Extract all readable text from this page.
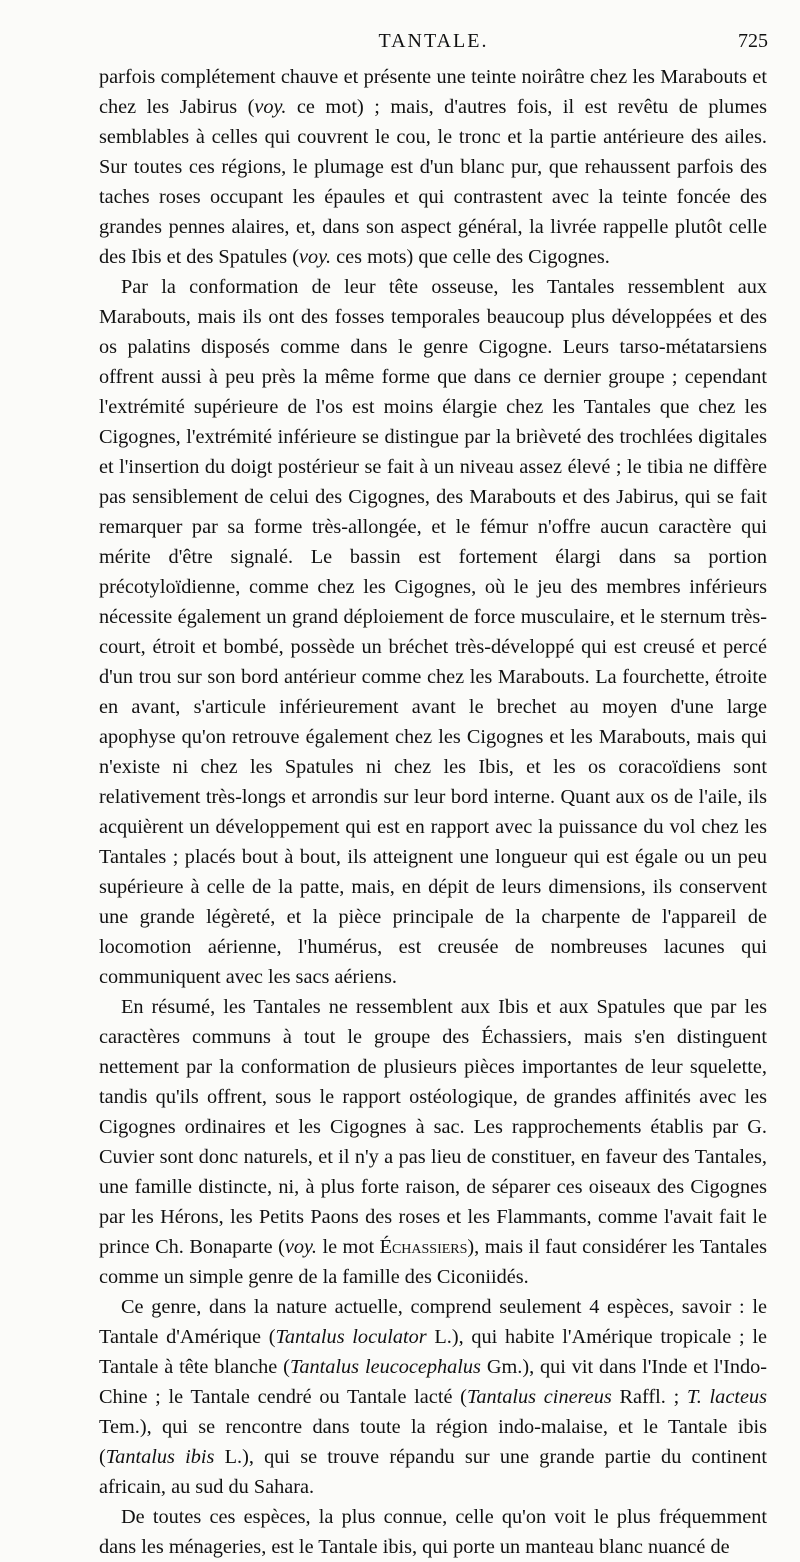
TANTALE.	725

parfois complétement chauve et présente une teinte noirâtre chez les Marabouts et chez les Jabirus (voy. ce mot) ; mais, d'autres fois, il est revêtu de plumes semblables à celles qui couvrent le cou, le tronc et la partie antérieure des ailes. Sur toutes ces régions, le plumage est d'un blanc pur, que rehaussent parfois des taches roses occupant les épaules et qui contrastent avec la teinte foncée des grandes pennes alaires, et, dans son aspect général, la livrée rappelle plutôt celle des Ibis et des Spatules (voy. ces mots) que celle des Cigognes.

Par la conformation de leur tête osseuse, les Tantales ressemblent aux Marabouts, mais ils ont des fosses temporales beaucoup plus développées et des os palatins disposés comme dans le genre Cigogne. Leurs tarso-métatarsiens offrent aussi à peu près la même forme que dans ce dernier groupe ; cependant l'extrémité supérieure de l'os est moins élargie chez les Tantales que chez les Cigognes, l'extrémité inférieure se distingue par la brièveté des trochlées digitales et l'insertion du doigt postérieur se fait à un niveau assez élevé ; le tibia ne diffère pas sensiblement de celui des Cigognes, des Marabouts et des Jabirus, qui se fait remarquer par sa forme très-allongée, et le fémur n'offre aucun caractère qui mérite d'être signalé. Le bassin est fortement élargi dans sa portion précotyloïdienne, comme chez les Cigognes, où le jeu des membres inférieurs nécessite également un grand déploiement de force musculaire, et le sternum très-court, étroit et bombé, possède un bréchet très-développé qui est creusé et percé d'un trou sur son bord antérieur comme chez les Marabouts. La fourchette, étroite en avant, s'articule inférieurement avant le brechet au moyen d'une large apophyse qu'on retrouve également chez les Cigognes et les Marabouts, mais qui n'existe ni chez les Spatules ni chez les Ibis, et les os coracoïdiens sont relativement très-longs et arrondis sur leur bord interne. Quant aux os de l'aile, ils acquièrent un développement qui est en rapport avec la puissance du vol chez les Tantales ; placés bout à bout, ils atteignent une longueur qui est égale ou un peu supérieure à celle de la patte, mais, en dépit de leurs dimensions, ils conservent une grande légèreté, et la pièce principale de la charpente de l'appareil de locomotion aérienne, l'humérus, est creusée de nombreuses lacunes qui communiquent avec les sacs aériens.

En résumé, les Tantales ne ressemblent aux Ibis et aux Spatules que par les caractères communs à tout le groupe des Échassiers, mais s'en distinguent nettement par la conformation de plusieurs pièces importantes de leur squelette, tandis qu'ils offrent, sous le rapport ostéologique, de grandes affinités avec les Cigognes ordinaires et les Cigognes à sac. Les rapprochements établis par G. Cuvier sont donc naturels, et il n'y a pas lieu de constituer, en faveur des Tantales, une famille distincte, ni, à plus forte raison, de séparer ces oiseaux des Cigognes par les Hérons, les Petits Paons des roses et les Flammants, comme l'avait fait le prince Ch. Bonaparte (voy. le mot Échassiers), mais il faut considérer les Tantales comme un simple genre de la famille des Ciconiidés.

Ce genre, dans la nature actuelle, comprend seulement 4 espèces, savoir : le Tantale d'Amérique (Tantalus loculator L.), qui habite l'Amérique tropicale ; le Tantale à tête blanche (Tantalus leucocephalus Gm.), qui vit dans l'Inde et l'Indo-Chine ; le Tantale cendré ou Tantale lacté (Tantalus cinereus Raffl. ; T. lacteus Tem.), qui se rencontre dans toute la région indo-malaise, et le Tantale ibis (Tantalus ibis L.), qui se trouve répandu sur une grande partie du continent africain, au sud du Sahara.

De toutes ces espèces, la plus connue, celle qu'on voit le plus fréquemment dans les ménageries, est le Tantale ibis, qui porte un manteau blanc nuancé de
